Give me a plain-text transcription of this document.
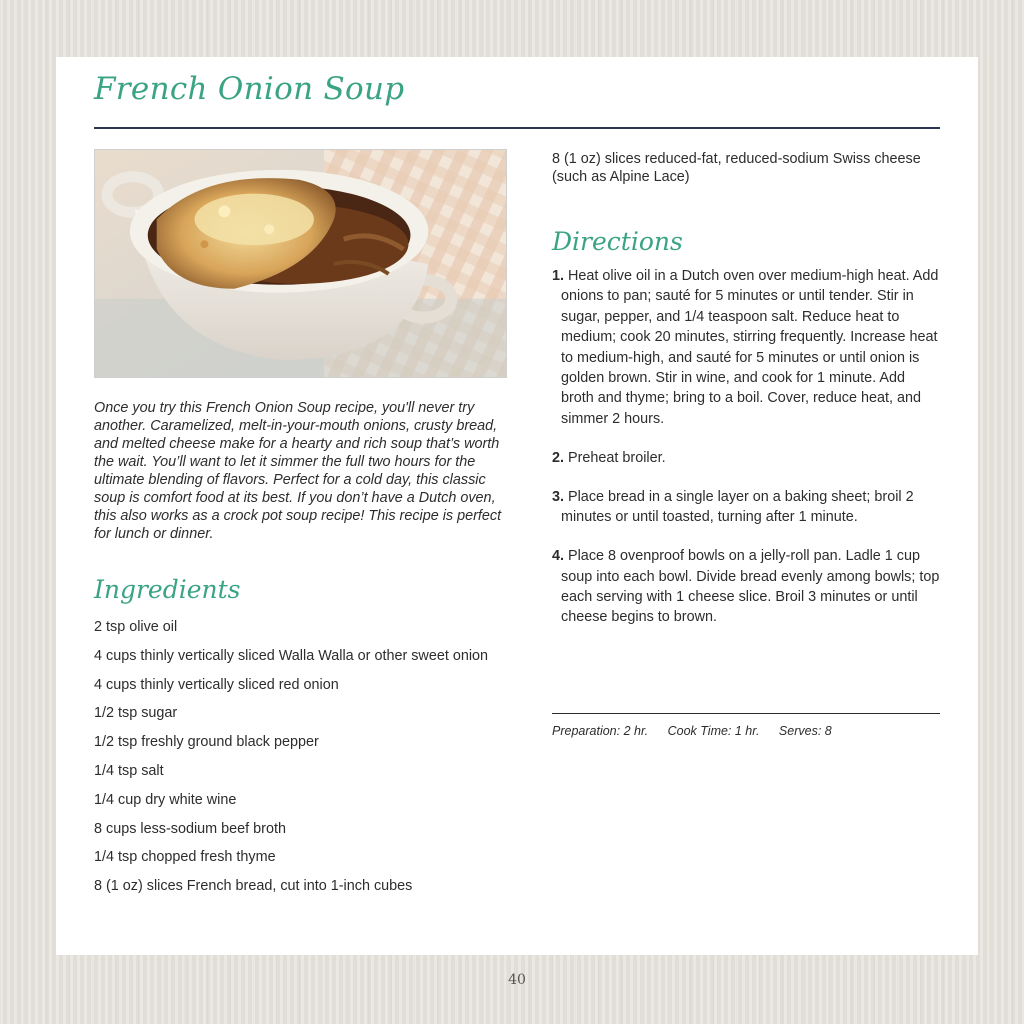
French Onion Soup

Once you try this French Onion Soup recipe, you'll never try another. Caramelized, melt-in-your-mouth onions, crusty bread, and melted cheese make for a hearty and rich soup that’s worth the wait. You’ll want to let it simmer the full two hours for the ultimate blending of flavors. Perfect for a cold day, this classic soup is comfort food at its best. If you don’t have a Dutch oven, this also works as a crock pot soup recipe! This recipe is perfect for lunch or dinner.

Ingredients
2 tsp olive oil
4 cups thinly vertically sliced Walla Walla or other sweet onion
4 cups thinly vertically sliced red onion
1/2 tsp sugar
1/2 tsp freshly ground black pepper
1/4 tsp salt
1/4 cup dry white wine
8 cups less-sodium beef broth
1/4 tsp chopped fresh thyme
8 (1 oz) slices French bread, cut into 1-inch cubes

8 (1 oz) slices reduced-fat, reduced-sodium Swiss cheese (such as Alpine Lace)

Directions
1. Heat olive oil in a Dutch oven over medium-high heat. Add onions to pan; sauté for 5 minutes or until tender. Stir in sugar, pepper, and 1/4 teaspoon salt. Reduce heat to medium; cook 20 minutes, stirring frequently. Increase heat to medium-high, and sauté for 5 minutes or until onion is golden brown. Stir in wine, and cook for 1 minute. Add broth and thyme; bring to a boil. Cover, reduce heat, and simmer 2 hours.
2. Preheat broiler.
3. Place bread in a single layer on a baking sheet; broil 2 minutes or until toasted, turning after 1 minute.
4. Place 8 ovenproof bowls on a jelly-roll pan. Ladle 1 cup soup into each bowl. Divide bread evenly among bowls; top each serving with 1 cheese slice. Broil 3 minutes or until cheese begins to brown.

Preparation: 2 hr. Cook Time: 1 hr. Serves: 8

40
